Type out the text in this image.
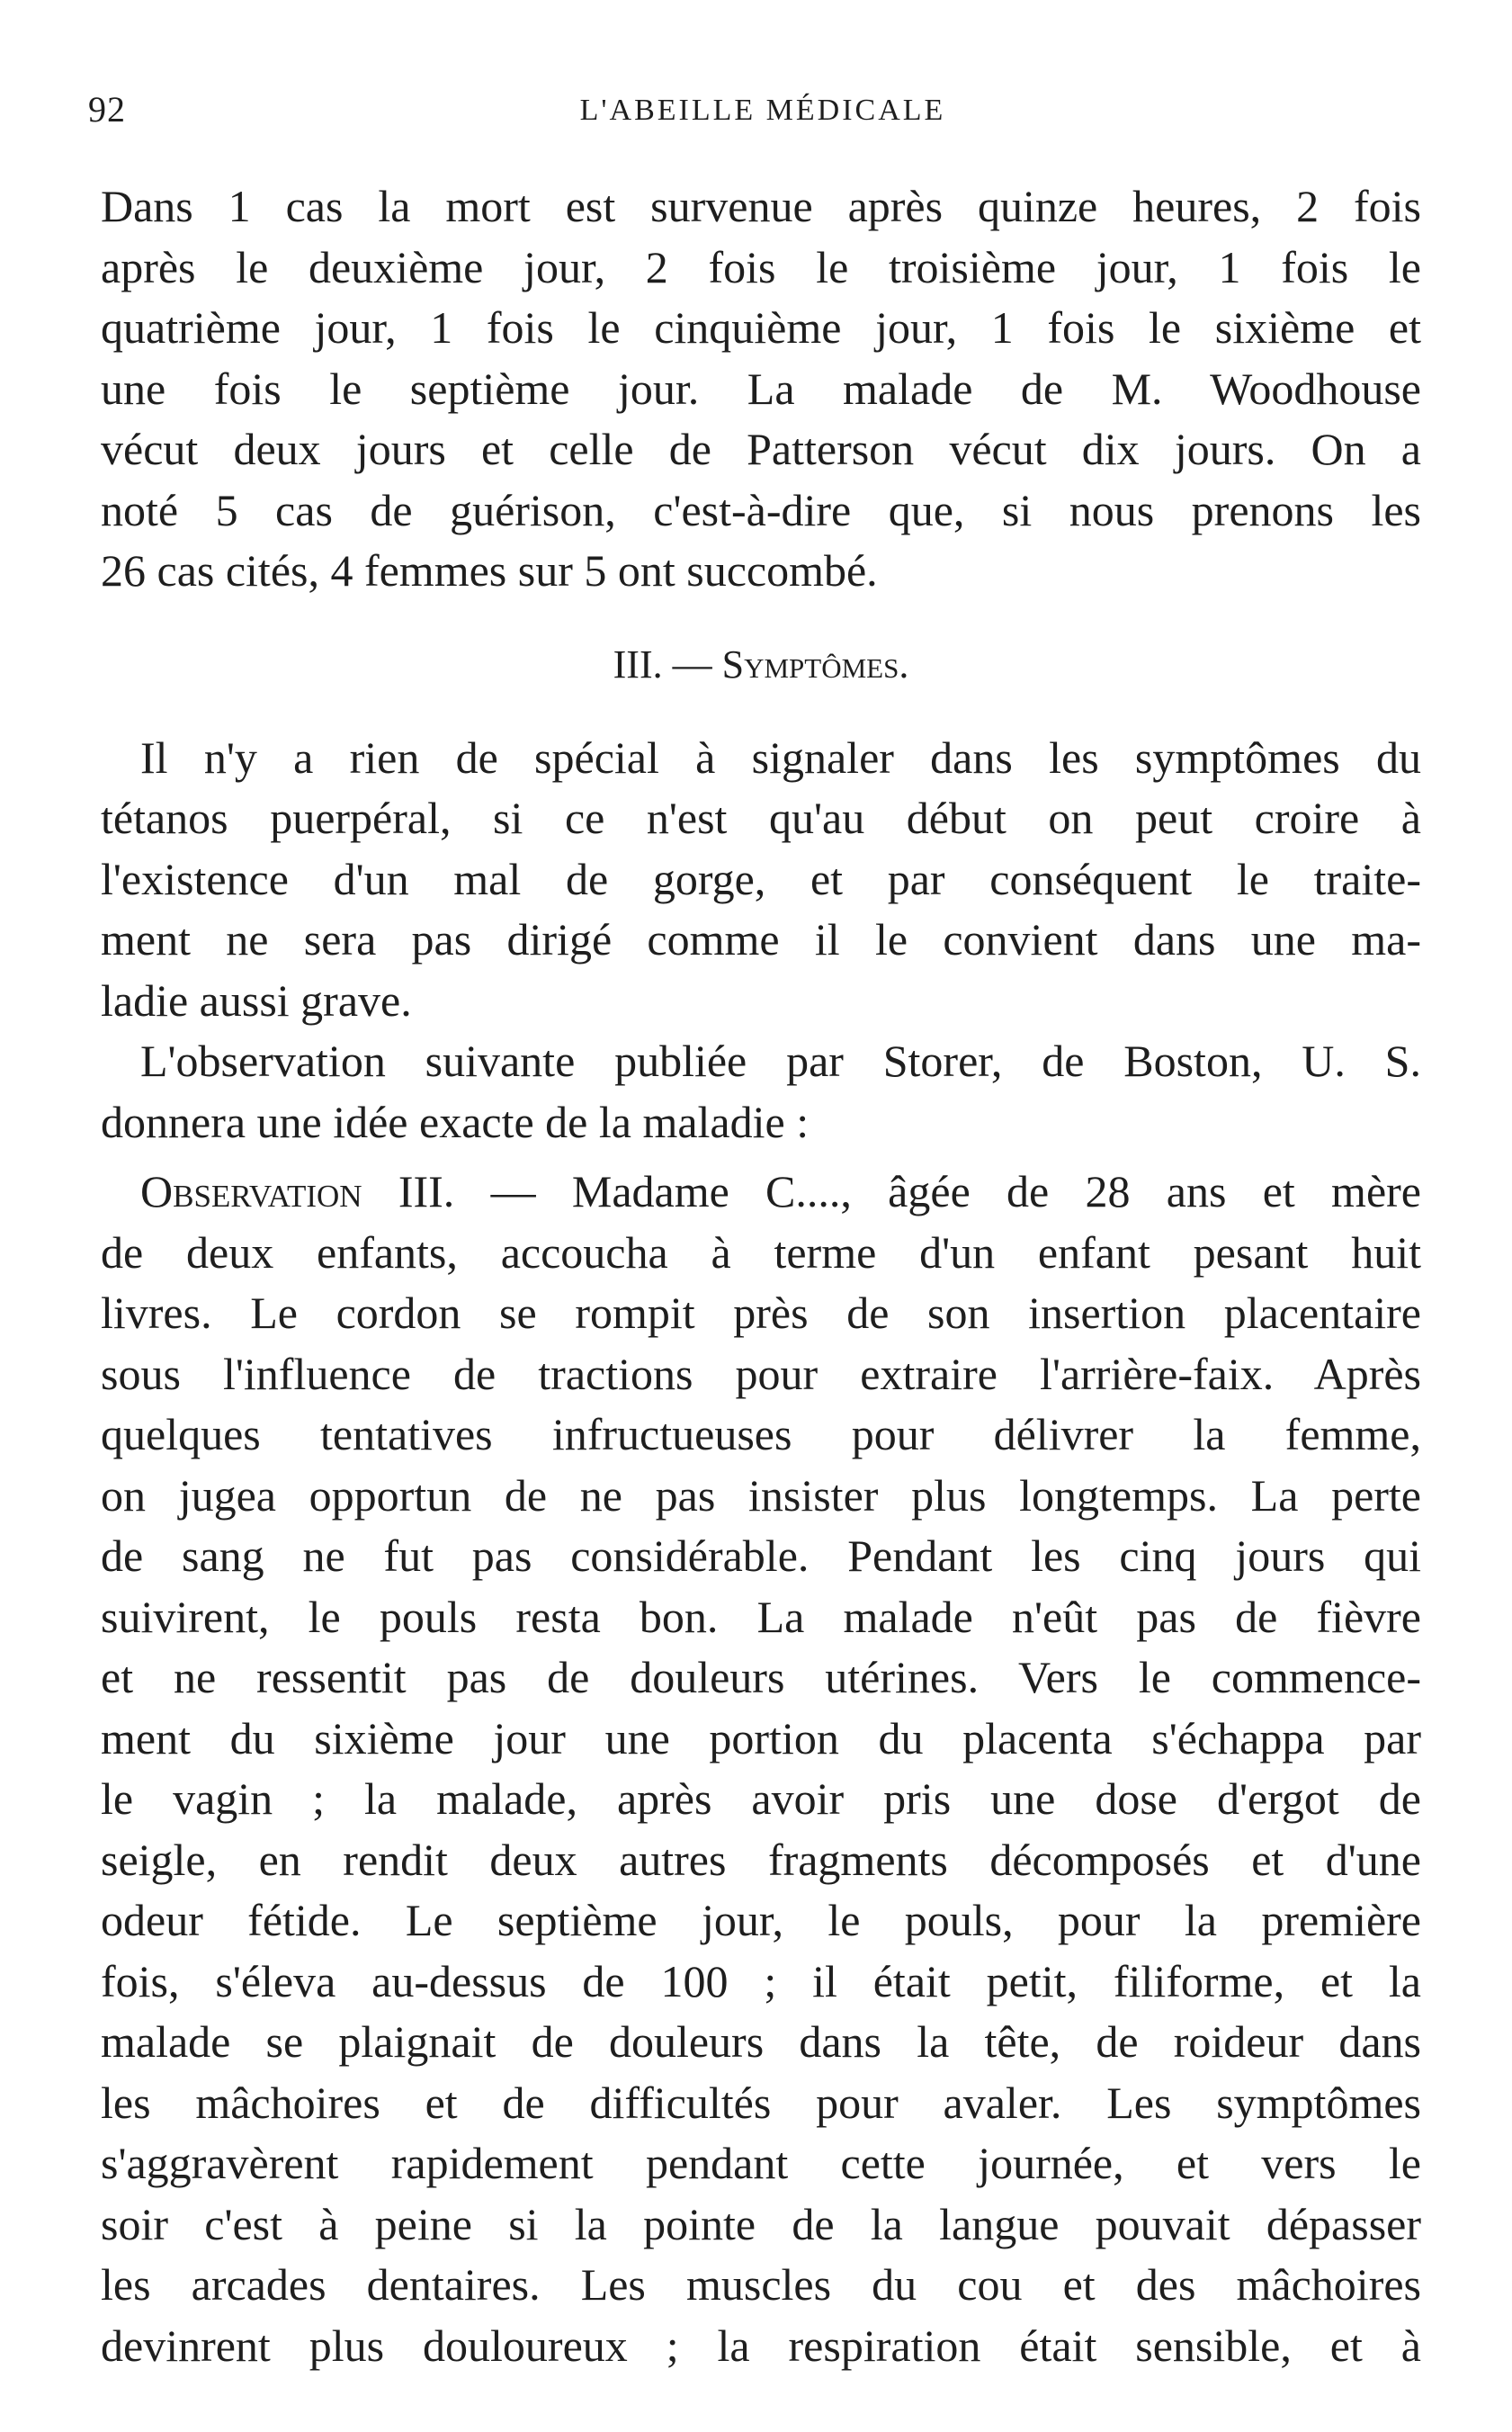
92	L'ABEILLE MÉDICALE
Dans 1 cas la mort est survenue après quinze heures, 2 fois
après le deuxième jour, 2 fois le troisième jour, 1 fois le
quatrième jour, 1 fois le cinquième jour, 1 fois le sixième et
une fois le septième jour. La malade de M. Woodhouse
vécut deux jours et celle de Patterson vécut dix jours. On a
noté 5 cas de guérison, c'est-à-dire que, si nous prenons les
26 cas cités, 4 femmes sur 5 ont succombé.
III. — Symptômes.
Il n'y a rien de spécial à signaler dans les symptômes du
tétanos puerpéral, si ce n'est qu'au début on peut croire à
l'existence d'un mal de gorge, et par conséquent le traite-
ment ne sera pas dirigé comme il le convient dans une ma-
ladie aussi grave.
L'observation suivante publiée par Storer, de Boston, U. S.
donnera une idée exacte de la maladie :
Observation III. — Madame C...., âgée de 28 ans et mère
de deux enfants, accoucha à terme d'un enfant pesant huit
livres. Le cordon se rompit près de son insertion placentaire
sous l'influence de tractions pour extraire l'arrière-faix. Après
quelques tentatives infructueuses pour délivrer la femme,
on jugea opportun de ne pas insister plus longtemps. La perte
de sang ne fut pas considérable. Pendant les cinq jours qui
suivirent, le pouls resta bon. La malade n'eût pas de fièvre
et ne ressentit pas de douleurs utérines. Vers le commence-
ment du sixième jour une portion du placenta s'échappa par
le vagin ; la malade, après avoir pris une dose d'ergot de
seigle, en rendit deux autres fragments décomposés et d'une
odeur fétide. Le septième jour, le pouls, pour la première
fois, s'éleva au-dessus de 100 ; il était petit, filiforme, et la
malade se plaignait de douleurs dans la tête, de roideur dans
les mâchoires et de difficultés pour avaler. Les symptômes
s'aggravèrent rapidement pendant cette journée, et vers le
soir c'est à peine si la pointe de la langue pouvait dépasser
les arcades dentaires. Les muscles du cou et des mâchoires
devinrent plus douloureux ; la respiration était sensible, et à
